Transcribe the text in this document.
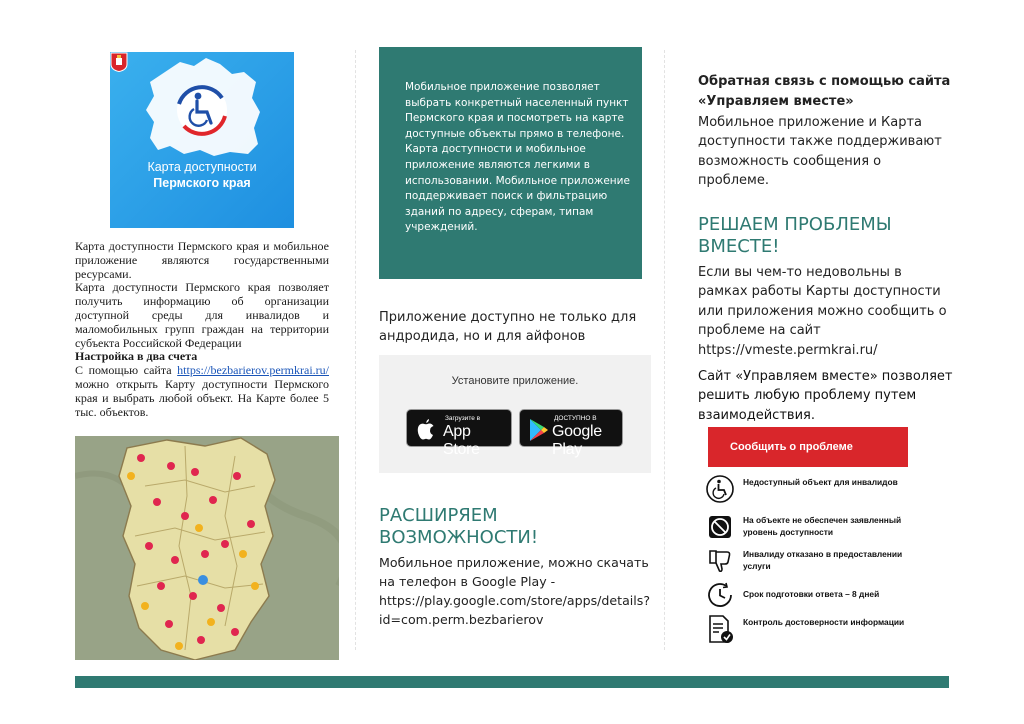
Карта доступности
Пермского края

Карта доступности Пермского края и мобильное приложение являются государственными ресурсами.

Карта доступности Пермского края позволяет получить информацию об организации доступной среды для инвалидов и маломобильных групп граждан на территории субъекта Российской Федерации

Настройка в два счета

С помощью сайта https://bezbarierov.permkrai.ru/ можно открыть Карту доступности Пермского края и выбрать любой объект. На Карте более 5 тыс. объектов.

Мобильное приложение позволяет выбрать конкретный населенный пункт Пермского края и посмотреть на карте доступные объекты прямо в телефоне. Карта доступности и мобильное приложение являются легкими в использовании. Мобильное приложение поддерживает поиск и фильтрацию зданий по адресу, сферам, типам учреждений.
Приложение доступно не только для андродида, но и для айфонов
Установите приложение.
Загрузите в
App Store
ДОСТУПНО В
Google Play
РАСШИРЯЕМ ВОЗМОЖНОСТИ!
Мобильное приложение, можно скачать на телефон в Google Play - https://play.google.com/store/apps/details?id=com.perm.bezbarierov
Обратная связь с помощью сайта «Управляем вместе»
Мобильное приложение и Карта доступности также поддерживают возможность сообщения о проблеме.
РЕШАЕМ ПРОБЛЕМЫ ВМЕСТЕ!
Если вы чем-то недовольны в рамках работы Карты доступности или приложения можно сообщить о проблеме на сайт https://vmeste.permkrai.ru/
Сайт «Управляем вместе» позволяет решить любую проблему путем взаимодействия.
Сообщить о проблеме
Недоступный объект для инвалидов
На объекте не обеспечен заявленный уровень доступности
Инвалиду отказано в предоставлении услуги
Срок подготовки ответа – 8 дней
Контроль достоверности информации
